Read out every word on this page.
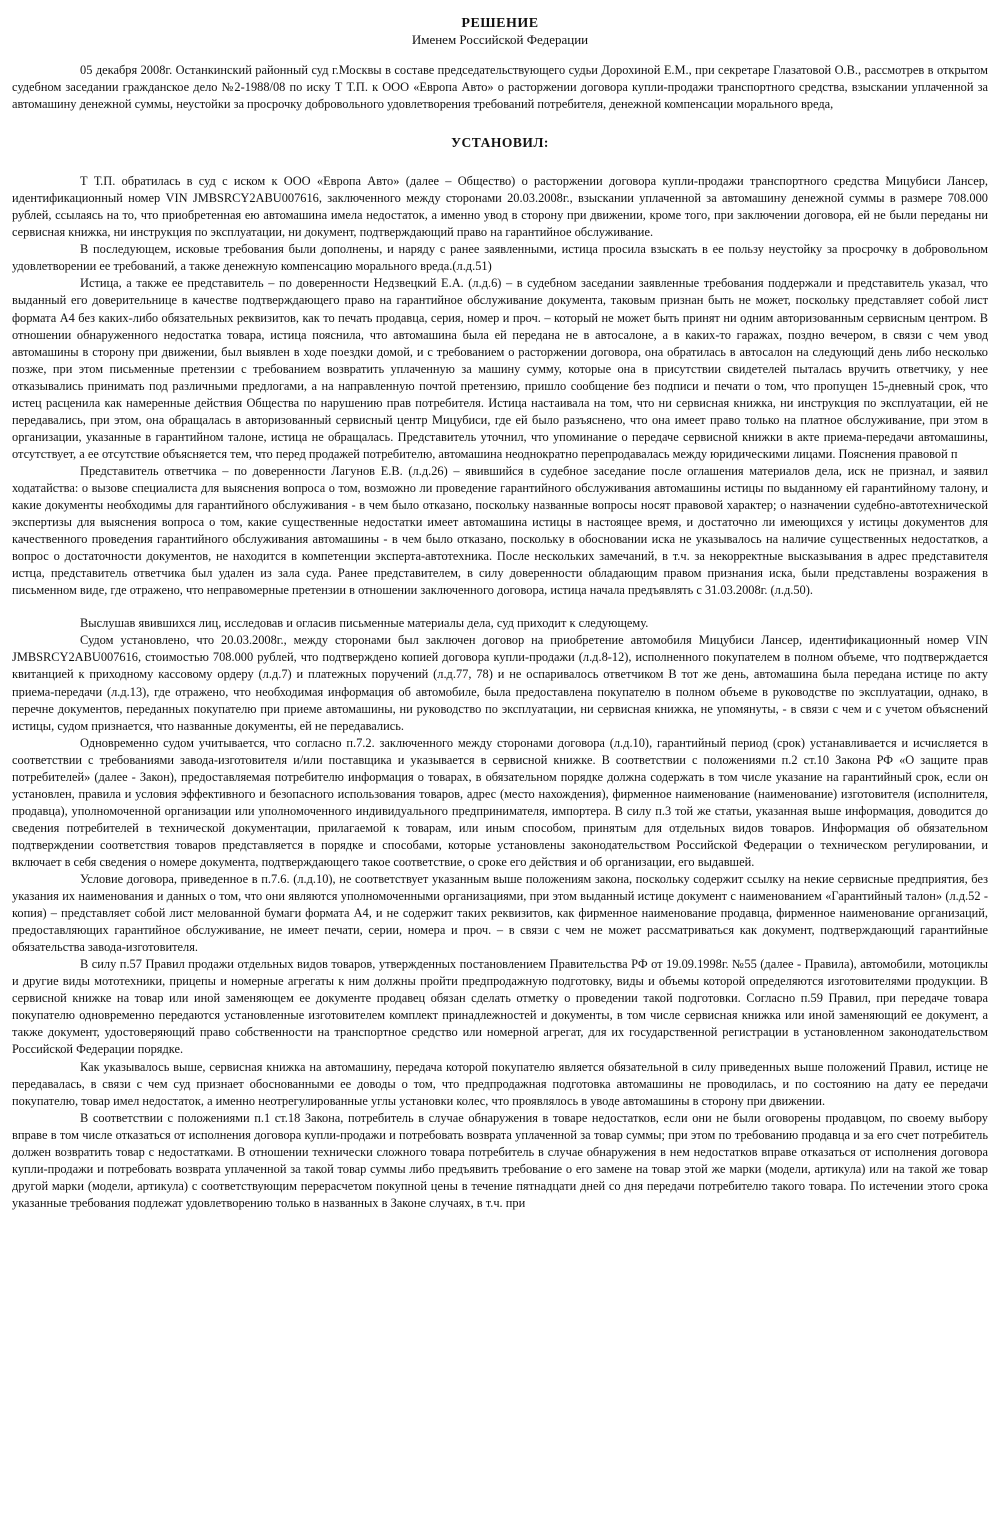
РЕШЕНИЕ
Именем Российской Федерации

05 декабря 2008г. Останкинский районный суд г.Москвы в составе председательствующего судьи Дорохиной Е.М., при секретаре Глазатовой О.В., рассмотрев в открытом судебном заседании гражданское дело №2-1988/08 по иску Т Т.П. к ООО «Европа Авто» о расторжении договора купли-продажи транспортного средства, взыскании уплаченной за автомашину денежной суммы, неустойки за просрочку добровольного удовлетворения требований потребителя, денежной компенсации морального вреда,

УСТАНОВИЛ:

Т Т.П. обратилась в суд с иском к ООО «Европа Авто» (далее – Общество) о расторжении договора купли-продажи транспортного средства Мицубиси Лансер, идентификационный номер VIN JMBSRCY2ABU007616, заключенного между сторонами 20.03.2008г., взыскании уплаченной за автомашину денежной суммы в размере 708.000 рублей, ссылаясь на то, что приобретенная ею автомашина имела недостаток, а именно увод в сторону при движении, кроме того, при заключении договора, ей не были переданы ни сервисная книжка, ни инструкция по эксплуатации, ни документ, подтверждающий право на гарантийное обслуживание.

В последующем, исковые требования были дополнены, и наряду с ранее заявленными, истица просила взыскать в ее пользу неустойку за просрочку в добровольном удовлетворении ее требований, а также денежную компенсацию морального вреда.(л.д.51)

Истица, а также ее представитель – по доверенности Недзвецкий Е.А. (л.д.6) – в судебном заседании заявленные требования поддержали и представитель указал, что выданный его доверительнице в качестве подтверждающего право на гарантийное обслуживание документа, таковым признан быть не может, поскольку представляет собой лист формата А4 без каких-либо обязательных реквизитов, как то печать продавца, серия, номер и проч. – который не может быть принят ни одним авторизованным сервисным центром. В отношении обнаруженного недостатка товара, истица пояснила, что автомашина была ей передана не в автосалоне, а в каких-то гаражах, поздно вечером, в связи с чем увод автомашины в сторону при движении, был выявлен в ходе поездки домой, и с требованием о расторжении договора, она обратилась в автосалон на следующий день либо несколько позже, при этом письменные претензии с требованием возвратить уплаченную за машину сумму, которые она в присутствии свидетелей пыталась вручить ответчику, у нее отказывались принимать под различными предлогами, а на направленную почтой претензию, пришло сообщение без подписи и печати о том, что пропущен 15-дневный срок, что истец расценила как намеренные действия Общества по нарушению прав потребителя. Истица настаивала на том, что ни сервисная книжка, ни инструкция по эксплуатации, ей не передавались, при этом, она обращалась в авторизованный сервисный центр Мицубиси, где ей было разъяснено, что она имеет право только на платное обслуживание, при этом в организации, указанные в гарантийном талоне, истица не обращалась. Представитель уточнил, что упоминание о передаче сервисной книжки в акте приема-передачи автомашины, отсутствует, а ее отсутствие объясняется тем, что перед продажей потребителю, автомашина неоднократно перепродавалась между юридическими лицами. Пояснения правовой п

Представитель ответчика – по доверенности Лагунов Е.В. (л.д.26) – явившийся в судебное заседание после оглашения материалов дела, иск не признал, и заявил ходатайства: о вызове специалиста для выяснения вопроса о том, возможно ли проведение гарантийного обслуживания автомашины истицы по выданному ей гарантийному талону, и какие документы необходимы для гарантийного обслуживания - в чем было отказано, поскольку названные вопросы носят правовой характер; о назначении судебно-автотехнической экспертизы для выяснения вопроса о том, какие существенные недостатки имеет автомашина истицы в настоящее время, и достаточно ли имеющихся у истицы документов для качественного проведения гарантийного обслуживания автомашины - в чем было отказано, поскольку в обосновании иска не указывалось на наличие существенных недостатков, а вопрос о достаточности документов, не находится в компетенции эксперта-автотехника. После нескольких замечаний, в т.ч. за некорректные высказывания в адрес представителя истца, представитель ответчика был удален из зала суда. Ранее представителем, в силу доверенности обладающим правом признания иска, были представлены возражения в письменном виде, где отражено, что неправомерные претензии в отношении заключенного договора, истица начала предъявлять с 31.03.2008г. (л.д.50).

Выслушав явившихся лиц, исследовав и огласив письменные материалы дела, суд приходит к следующему.

Судом установлено, что 20.03.2008г., между сторонами был заключен договор на приобретение автомобиля Мицубиси Лансер, идентификационный номер VIN JMBSRCY2ABU007616, стоимостью 708.000 рублей, что подтверждено копией договора купли-продажи (л.д.8-12), исполненного покупателем в полном объеме, что подтверждается квитанцией к приходному кассовому ордеру (л.д.7) и платежных поручений (л.д.77, 78) и не оспаривалось ответчиком В тот же день, автомашина была передана истице по акту приема-передачи (л.д.13), где отражено, что необходимая информация об автомобиле, была предоставлена покупателю в полном объеме в руководстве по эксплуатации, однако, в перечне документов, переданных покупателю при приеме автомашины, ни руководство по эксплуатации, ни сервисная книжка, не упомянуты, - в связи с чем и с учетом объяснений истицы, судом признается, что названные документы, ей не передавались.

Одновременно судом учитывается, что согласно п.7.2. заключенного между сторонами договора (л.д.10), гарантийный период (срок) устанавливается и исчисляется в соответствии с требованиями завода-изготовителя и/или поставщика и указывается в сервисной книжке. В соответствии с положениями п.2 ст.10 Закона РФ «О защите прав потребителей» (далее - Закон), предоставляемая потребителю информация о товарах, в обязательном порядке должна содержать в том числе указание на гарантийный срок, если он установлен, правила и условия эффективного и безопасного использования товаров, адрес (место нахождения), фирменное наименование (наименование) изготовителя (исполнителя, продавца), уполномоченной организации или уполномоченного индивидуального предпринимателя, импортера. В силу п.3 той же статьи, указанная выше информация, доводится до сведения потребителей в технической документации, прилагаемой к товарам, или иным способом, принятым для отдельных видов товаров. Информация об обязательном подтверждении соответствия товаров представляется в порядке и способами, которые установлены законодательством Российской Федерации о техническом регулировании, и включает в себя сведения о номере документа, подтверждающего такое соответствие, о сроке его действия и об организации, его выдавшей.

Условие договора, приведенное в п.7.6. (л.д.10), не соответствует указанным выше положениям закона, поскольку содержит ссылку на некие сервисные предприятия, без указания их наименования и данных о том, что они являются уполномоченными организациями, при этом выданный истице документ с наименованием «Гарантийный талон» (л.д.52 - копия) – представляет собой лист мелованной бумаги формата А4, и не содержит таких реквизитов, как фирменное наименование продавца, фирменное наименование организаций, предоставляющих гарантийное обслуживание, не имеет печати, серии, номера и проч. – в связи с чем не может рассматриваться как документ, подтверждающий гарантийные обязательства завода-изготовителя.

В силу п.57 Правил продажи отдельных видов товаров, утвержденных постановлением Правительства РФ от 19.09.1998г. №55 (далее - Правила), автомобили, мотоциклы и другие виды мототехники, прицепы и номерные агрегаты к ним должны пройти предпродажную подготовку, виды и объемы которой определяются изготовителями продукции. В сервисной книжке на товар или иной заменяющем ее документе продавец обязан сделать отметку о проведении такой подготовки. Согласно п.59 Правил, при передаче товара покупателю одновременно передаются установленные изготовителем комплект принадлежностей и документы, в том числе сервисная книжка или иной заменяющий ее документ, а также документ, удостоверяющий право собственности на транспортное средство или номерной агрегат, для их государственной регистрации в установленном законодательством Российской Федерации порядке.

Как указывалось выше, сервисная книжка на автомашину, передача которой покупателю является обязательной в силу приведенных выше положений Правил, истице не передавалась, в связи с чем суд признает обоснованными ее доводы о том, что предпродажная подготовка автомашины не проводилась, и по состоянию на дату ее передачи покупателю, товар имел недостаток, а именно неотрегулированные углы установки колес, что проявлялось в уводе автомашины в сторону при движении.

В соответствии с положениями п.1 ст.18 Закона, потребитель в случае обнаружения в товаре недостатков, если они не были оговорены продавцом, по своему выбору вправе в том числе отказаться от исполнения договора купли-продажи и потребовать возврата уплаченной за товар суммы; при этом по требованию продавца и за его счет потребитель должен возвратить товар с недостатками. В отношении технически сложного товара потребитель в случае обнаружения в нем недостатков вправе отказаться от исполнения договора купли-продажи и потребовать возврата уплаченной за такой товар суммы либо предъявить требование о его замене на товар этой же марки (модели, артикула) или на такой же товар другой марки (модели, артикула) с соответствующим перерасчетом покупной цены в течение пятнадцати дней со дня передачи потребителю такого товара. По истечении этого срока указанные требования подлежат удовлетворению только в названных в Законе случаях, в т.ч. при
